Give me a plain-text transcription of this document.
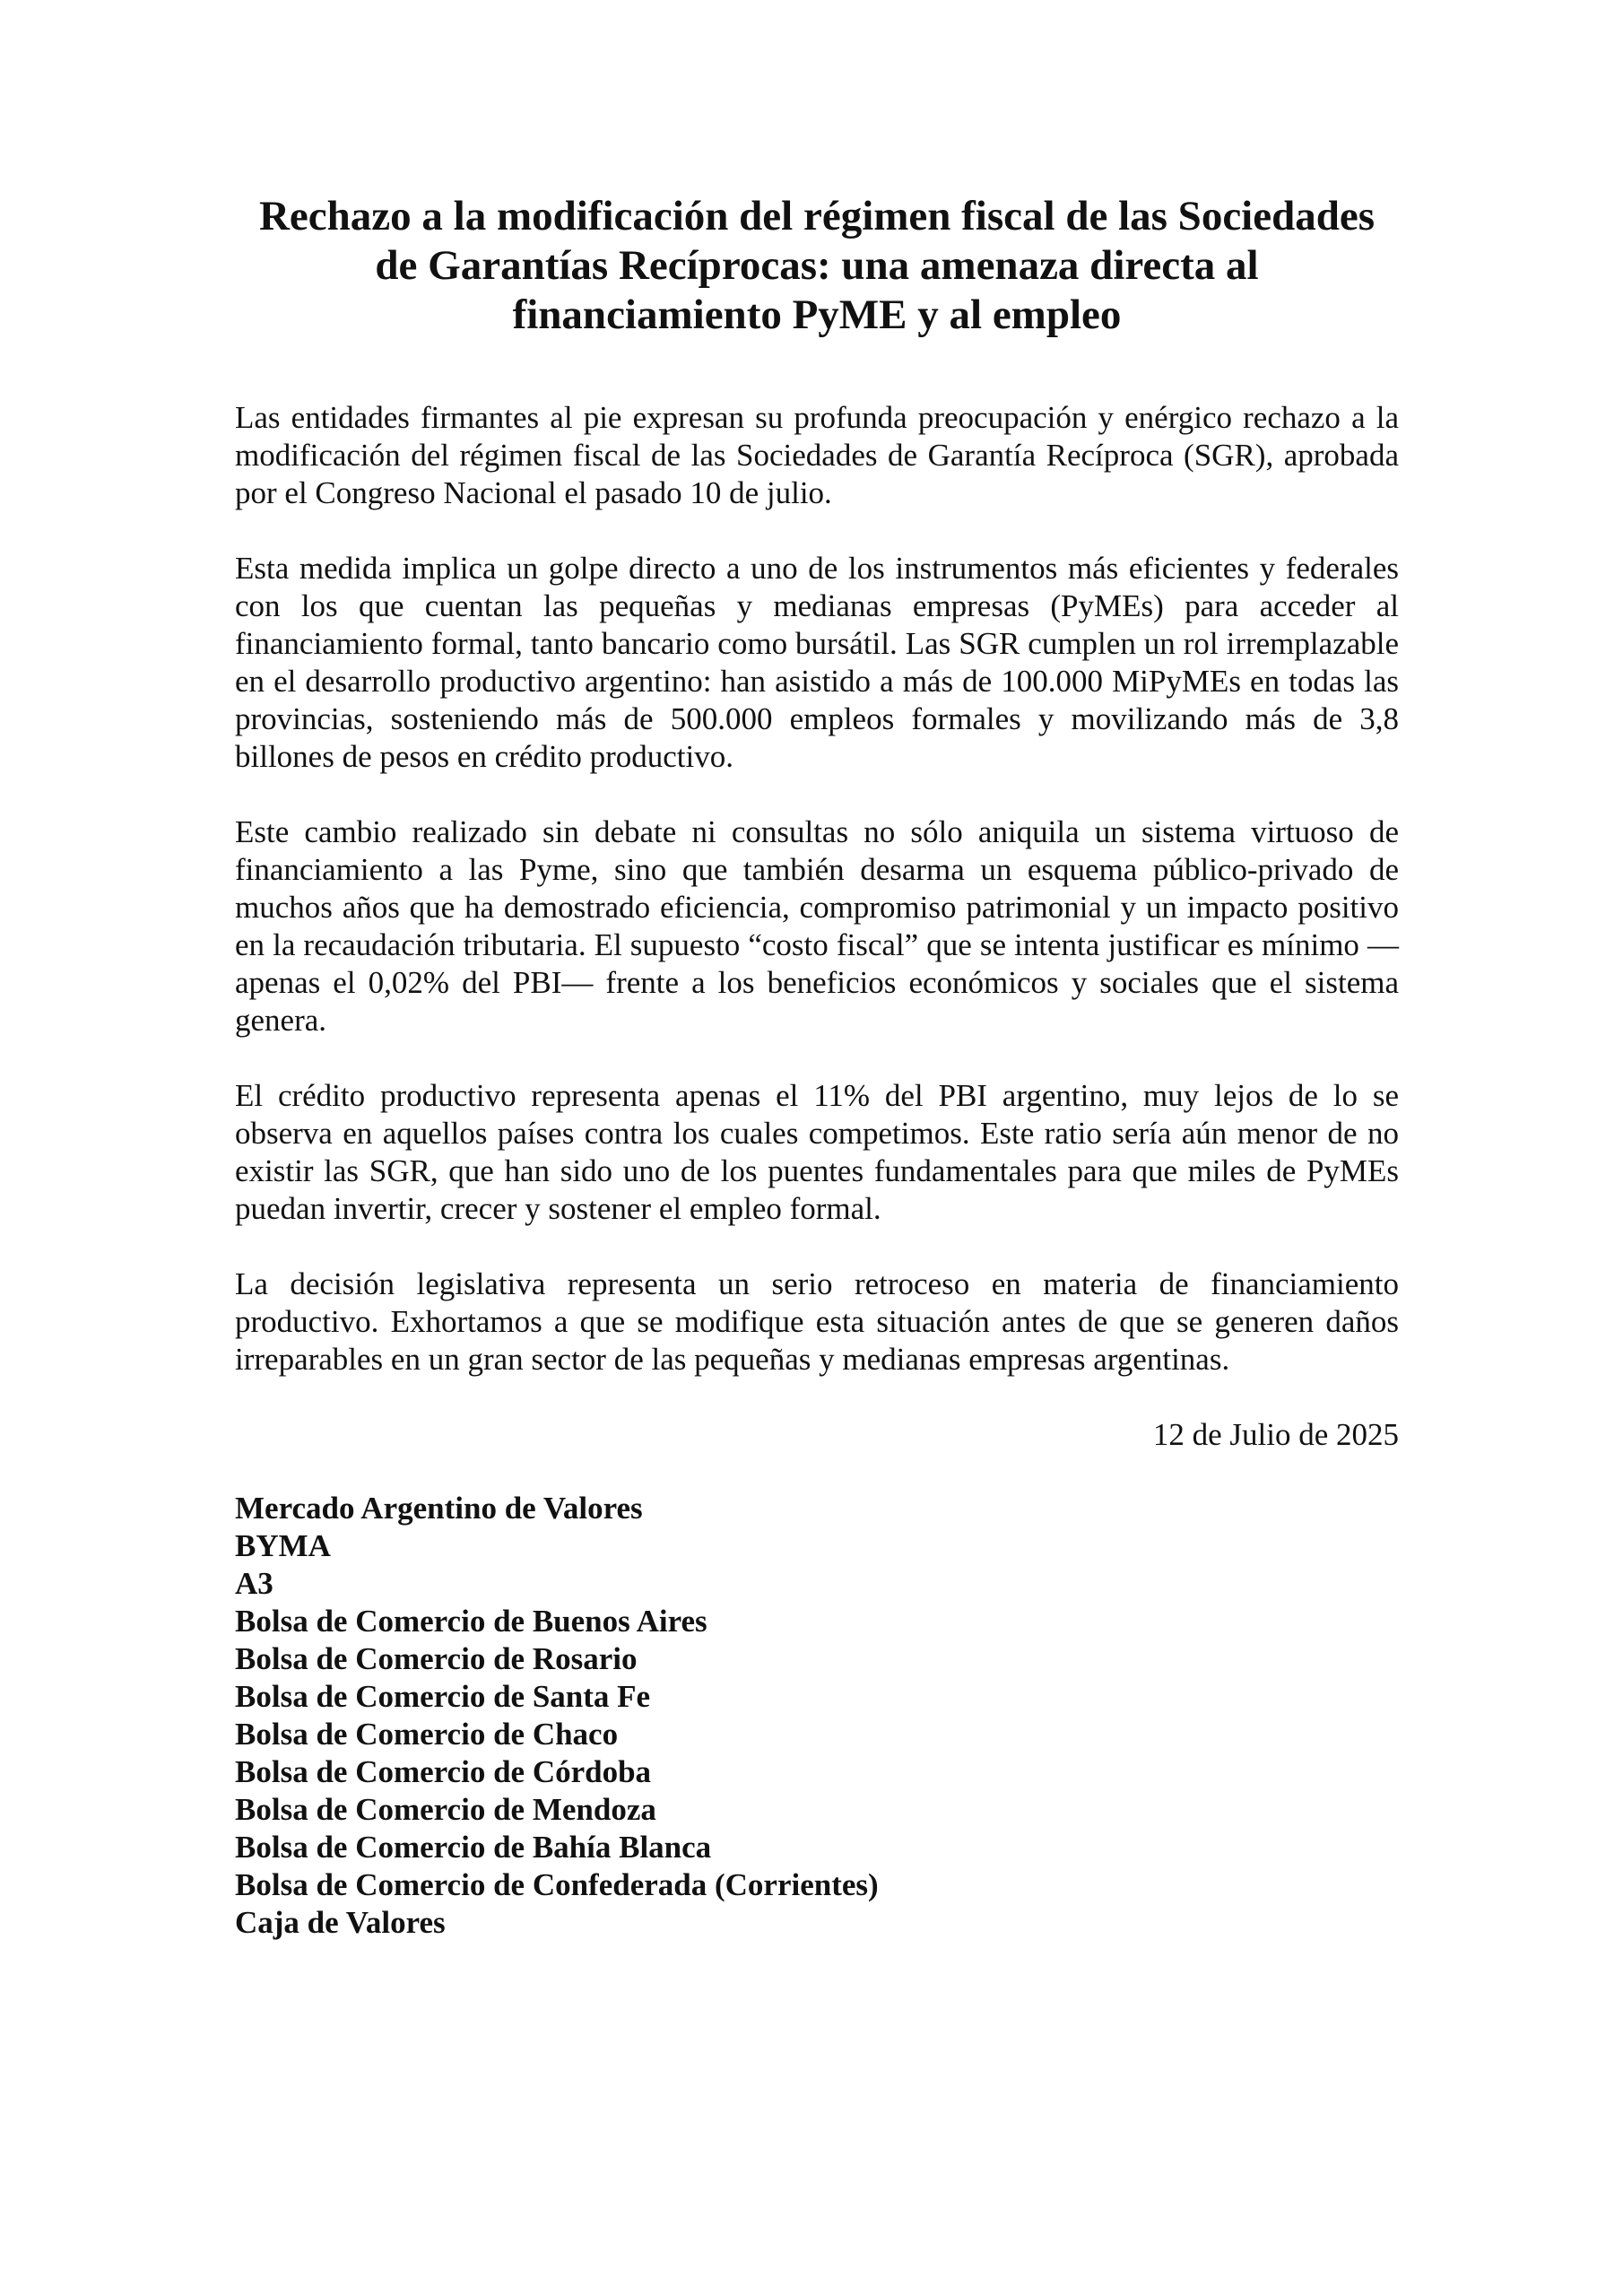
Rechazo a la modificación del régimen fiscal de las Sociedades
de Garantías Recíprocas: una amenaza directa al
financiamiento PyME y al empleo

Las entidades firmantes al pie expresan su profunda preocupación y enérgico rechazo a la modificación del régimen fiscal de las Sociedades de Garantía Recíproca (SGR), aprobada por el Congreso Nacional el pasado 10 de julio.

Esta medida implica un golpe directo a uno de los instrumentos más eficientes y federales con los que cuentan las pequeñas y medianas empresas (PyMEs) para acceder al financiamiento formal, tanto bancario como bursátil. Las SGR cumplen un rol irremplazable en el desarrollo productivo argentino: han asistido a más de 100.000 MiPyMEs en todas las provincias, sosteniendo más de 500.000 empleos formales y movilizando más de 3,8 billones de pesos en crédito productivo.

Este cambio realizado sin debate ni consultas no sólo aniquila un sistema virtuoso de financiamiento a las Pyme, sino que también desarma un esquema público-privado de muchos años que ha demostrado eficiencia, compromiso patrimonial y un impacto positivo en la recaudación tributaria. El supuesto “costo fiscal” que se intenta justificar es mínimo —apenas el 0,02% del PBI— frente a los beneficios económicos y sociales que el sistema genera.

El crédito productivo representa apenas el 11% del PBI argentino, muy lejos de lo se observa en aquellos países contra los cuales competimos. Este ratio sería aún menor de no existir las SGR, que han sido uno de los puentes fundamentales para que miles de PyMEs puedan invertir, crecer y sostener el empleo formal.

La decisión legislativa representa un serio retroceso en materia de financiamiento productivo. Exhortamos a que se modifique esta situación antes de que se generen daños irreparables en un gran sector de las pequeñas y medianas empresas argentinas.

12 de Julio de 2025
Mercado Argentino de Valores
BYMA
A3
Bolsa de Comercio de Buenos Aires
Bolsa de Comercio de Rosario
Bolsa de Comercio de Santa Fe
Bolsa de Comercio de Chaco
Bolsa de Comercio de Córdoba
Bolsa de Comercio de Mendoza
Bolsa de Comercio de Bahía Blanca
Bolsa de Comercio de Confederada (Corrientes)
Caja de Valores
